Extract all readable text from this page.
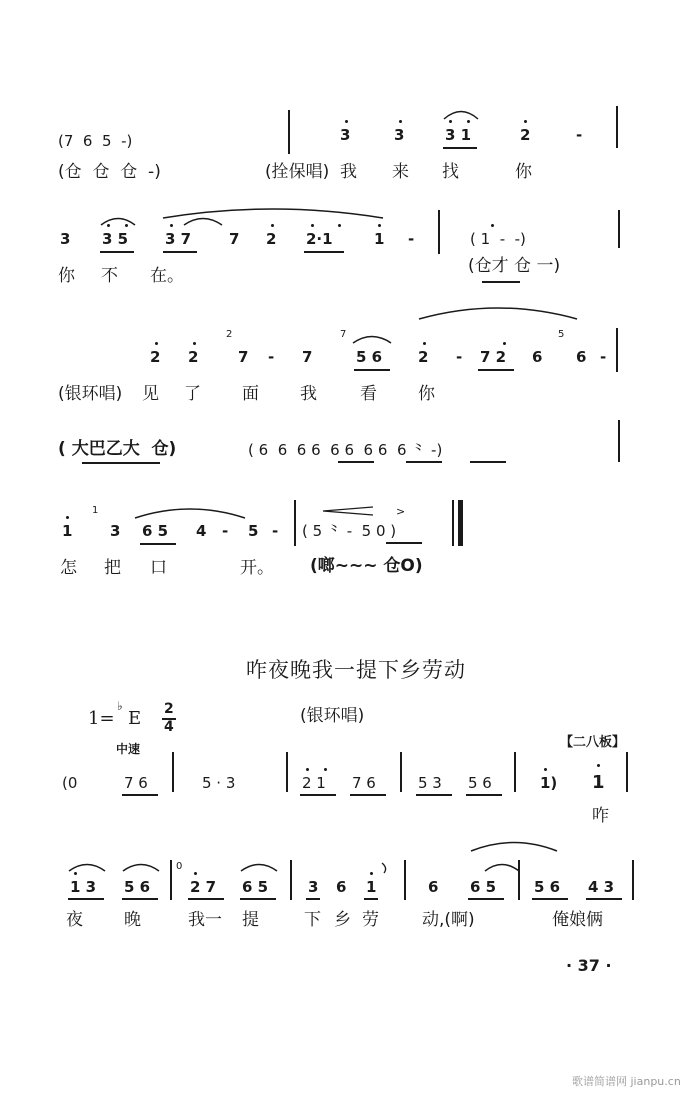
(7  6  5  -)	3	3	3 1	2	-
(仓  仓  仓  -)	(拴保唱) 我 来 找	你
3 3 5 3 7	7 2 2·1	1 -	( 1  -  -)
你 不 在。	(仓才 仓 一)
2 2
2
7 - 7
7
5 6 2 - 7 2 6
5
6 -
(银环唱) 见 了 面 我	看 你
( 大巴乙大  仓)	( 6  6  6 6  6 6  6 6  6 ⺀ -)
1
1
3 6 5 4 - 5 -
>
( 5 ⺀ -  5 0 )
怎 把 口	开。 (啷~~~ 仓O)
咋夜晚我一提下乡劳动
1=
♭
E 2
4
(银环唱)
中速	【二八板】
(0	7 6	5 · 3	2 1 7 6	5 3 5 6	1) 1
咋
1 3 5 6
0
2 7 6 5	3 6 1	6 6 5	5 6 4 3
夜 晚	我一 提	下 乡 劳	动,(啊)	俺娘俩
· 37 ·
歌谱简谱网 jianpu.cn
